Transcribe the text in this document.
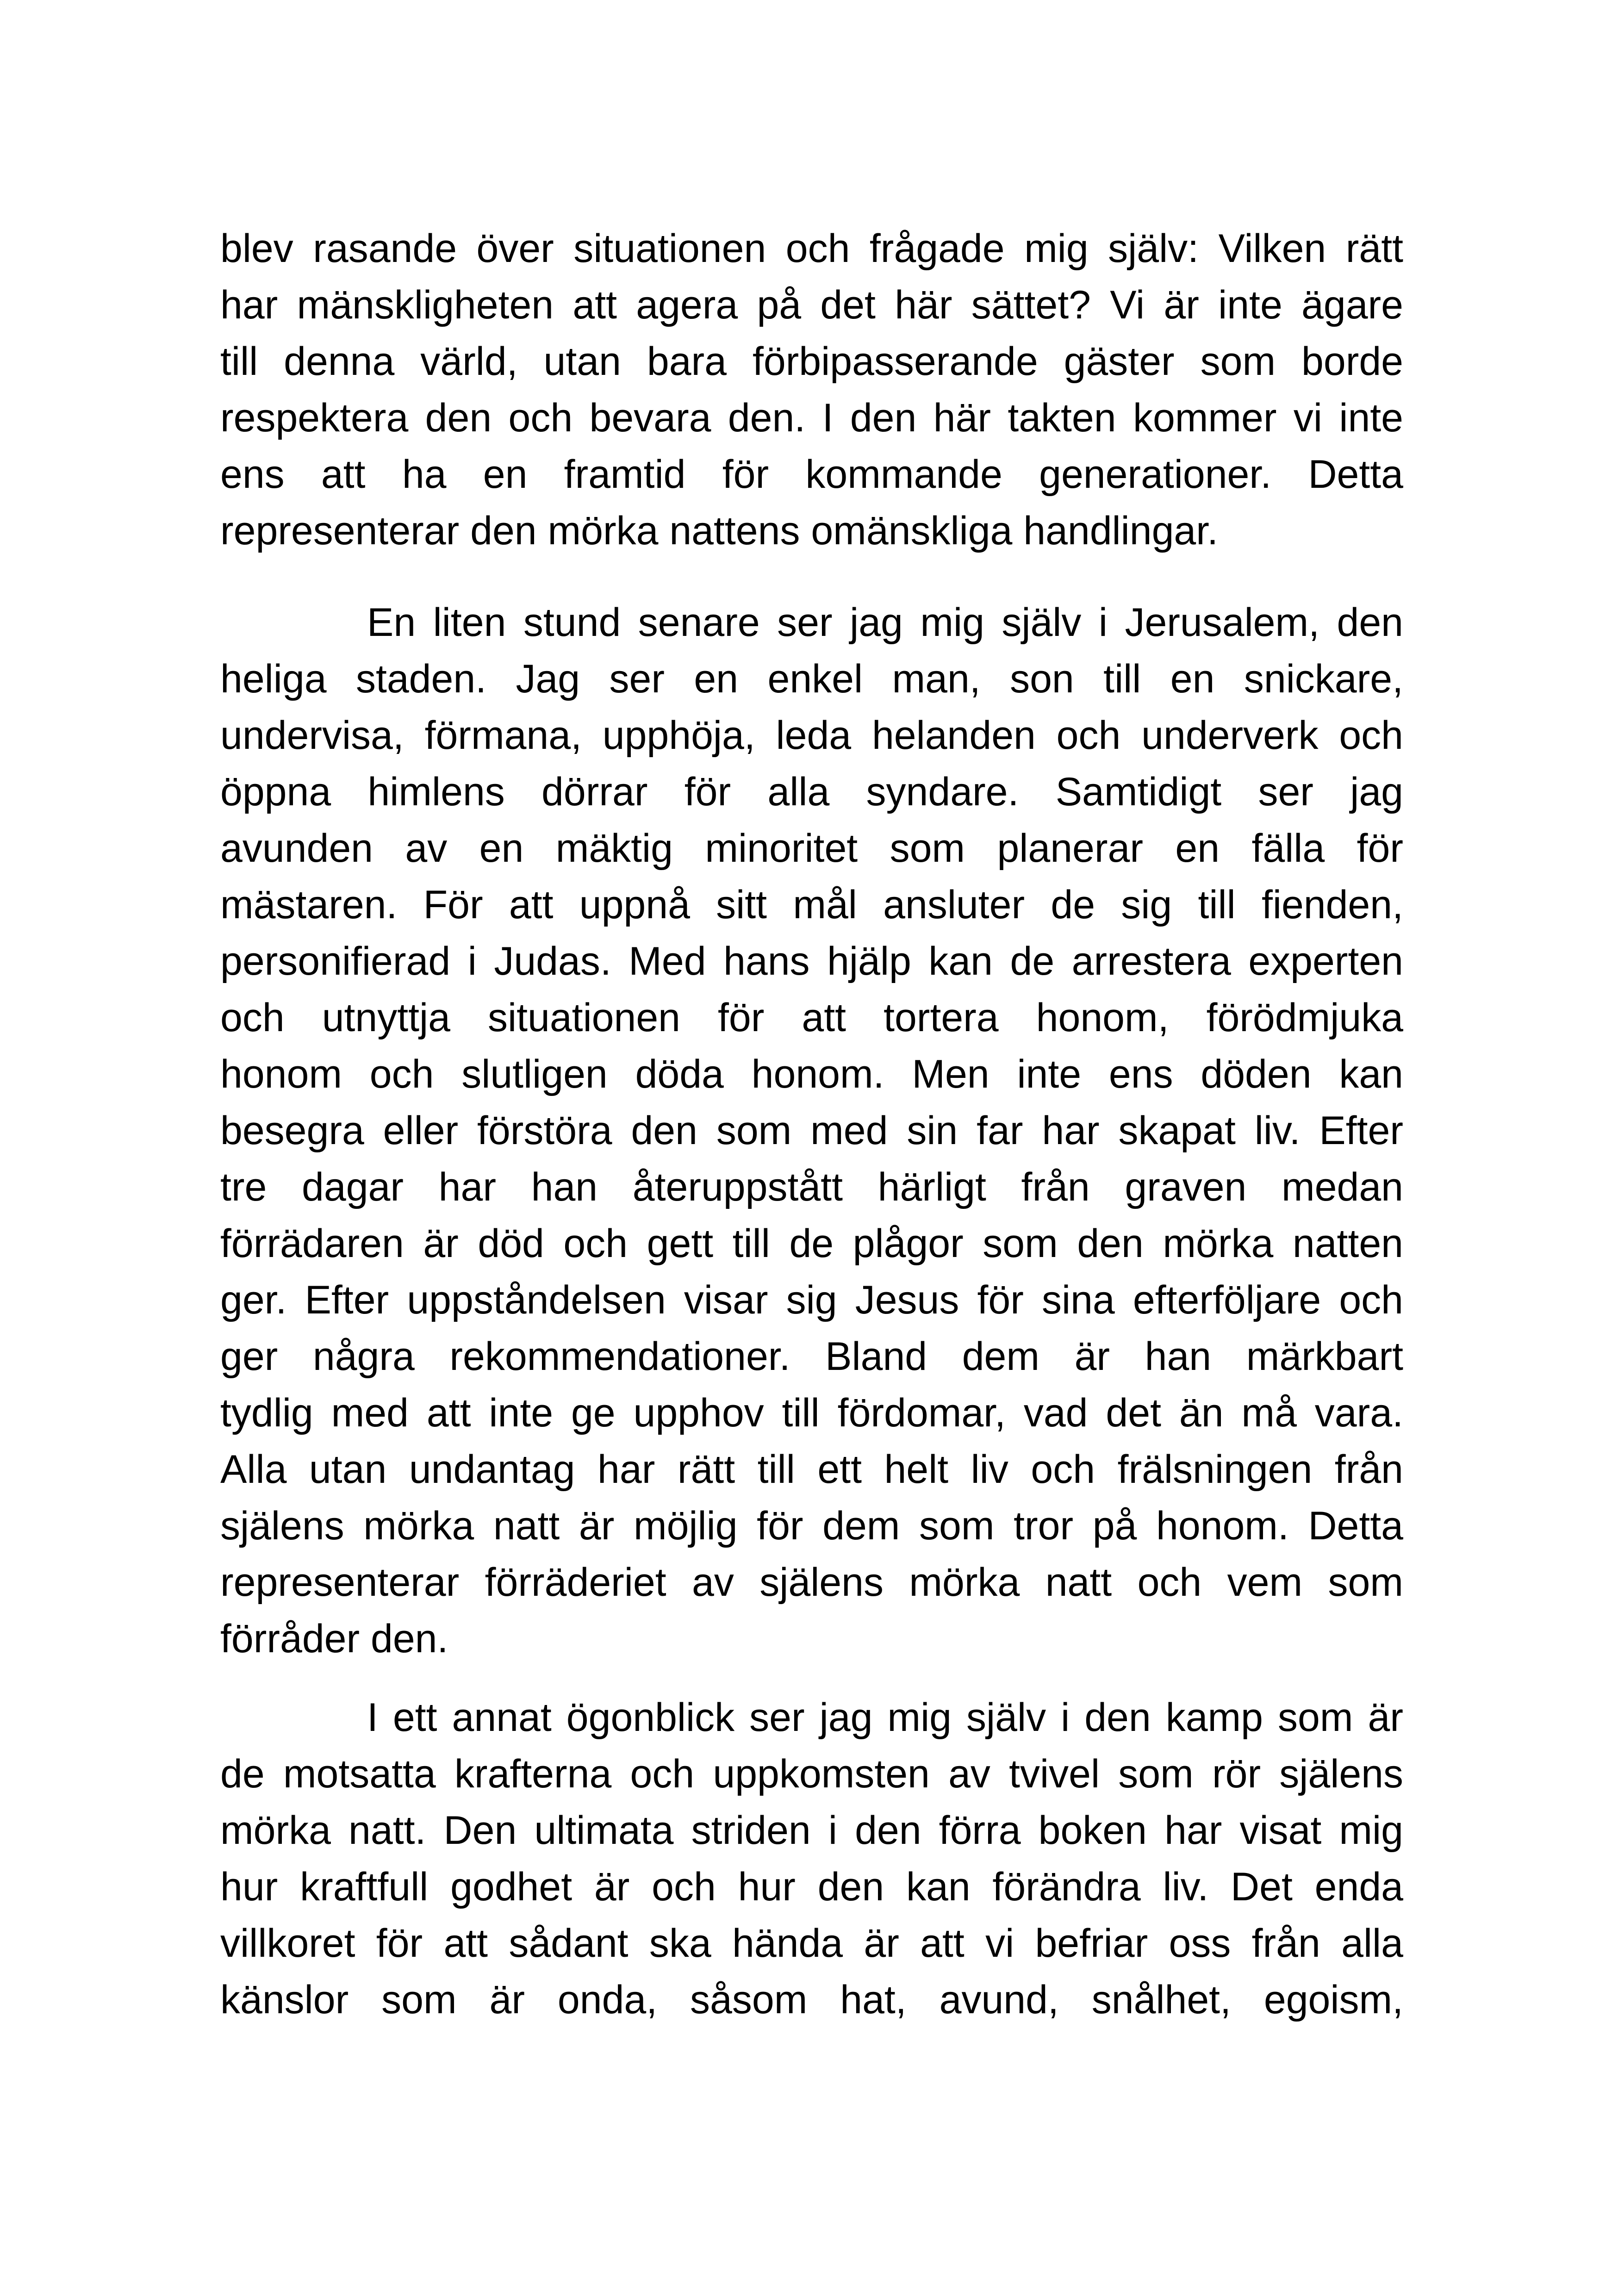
blev rasande över situationen och frågade mig själv: Vilken rätt
har mänskligheten att agera på det här sättet? Vi är inte ägare
till denna värld, utan bara förbipasserande gäster som borde
respektera den och bevara den. I den här takten kommer vi inte
ens att ha en framtid för kommande generationer. Detta
representerar den mörka nattens omänskliga handlingar.
En liten stund senare ser jag mig själv i Jerusalem, den
heliga staden. Jag ser en enkel man, son till en snickare,
undervisa, förmana, upphöja, leda helanden och underverk och
öppna himlens dörrar för alla syndare. Samtidigt ser jag
avunden av en mäktig minoritet som planerar en fälla för
mästaren. För att uppnå sitt mål ansluter de sig till fienden,
personifierad i Judas. Med hans hjälp kan de arrestera experten
och utnyttja situationen för att tortera honom, förödmjuka
honom och slutligen döda honom. Men inte ens döden kan
besegra eller förstöra den som med sin far har skapat liv. Efter
tre dagar har han återuppstått härligt från graven medan
förrädaren är död och gett till de plågor som den mörka natten
ger. Efter uppståndelsen visar sig Jesus för sina efterföljare och
ger några rekommendationer. Bland dem är han märkbart
tydlig med att inte ge upphov till fördomar, vad det än må vara.
Alla utan undantag har rätt till ett helt liv och frälsningen från
själens mörka natt är möjlig för dem som tror på honom. Detta
representerar förräderiet av själens mörka natt och vem som
förråder den.
I ett annat ögonblick ser jag mig själv i den kamp som är
de motsatta krafterna och uppkomsten av tvivel som rör själens
mörka natt. Den ultimata striden i den förra boken har visat mig
hur kraftfull godhet är och hur den kan förändra liv. Det enda
villkoret för att sådant ska hända är att vi befriar oss från alla
känslor som är onda, såsom hat, avund, snålhet, egoism,
